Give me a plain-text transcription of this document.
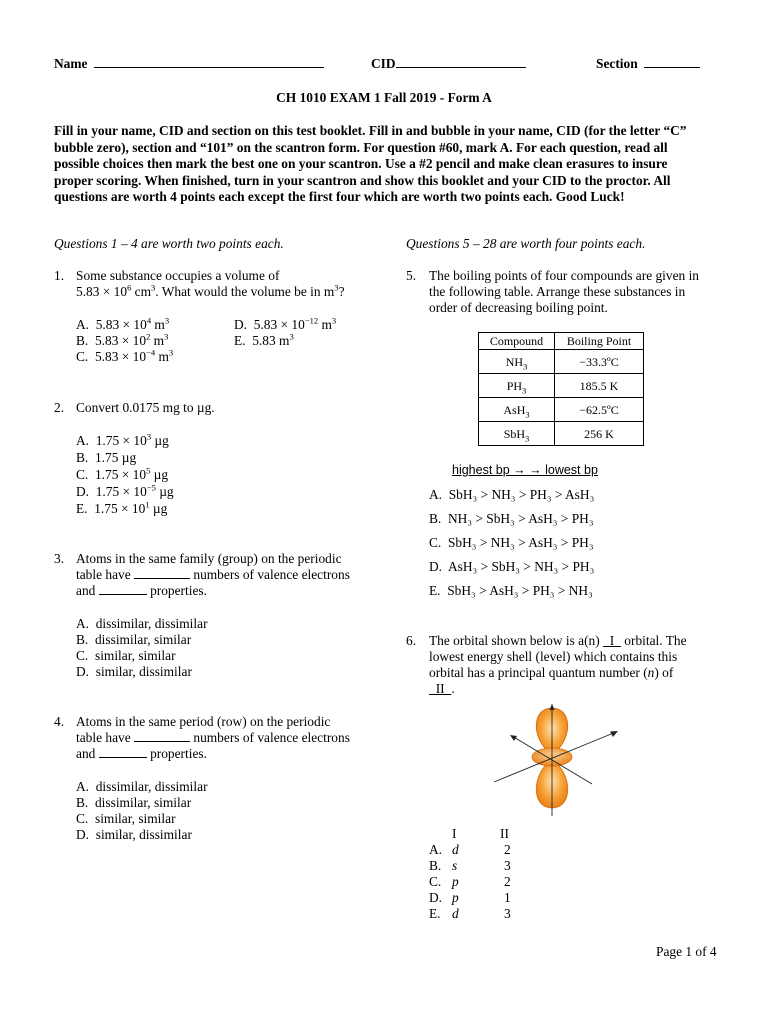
Name	CID	Section
CH 1010 EXAM 1 Fall 2019 - Form A
Fill in your name, CID and section on this test booklet. Fill in and bubble in your name, CID (for the letter “C”
bubble zero), section and “101” on the scantron form. For question #60, mark A. For each question, read all
possible choices then mark the best one on your scantron. Use a #2 pencil and make clean erasures to insure
proper scoring. When finished, turn in your scantron and show this booklet and your CID to the proctor. All
questions are worth 4 points each except the first four which are worth two points each. Good Luck!
Questions 1 – 4 are worth two points each.	Questions 5 – 28 are worth four points each.
1. Some substance occupies a volume of
$5.83 \times 10^6$ $cm^3$. What would the volume be in $m^3$?
A. $5.83 \times 10^4$ $m^3$
B. $5.83 \times 10^2$ $m^3$
C. $5.83 \times 10^{-4}$ $m^3$
D. $5.83 \times 10^{-12}$ $m^3$
E. 5.83 $m^3$
2. Convert 0.0175 mg to µg.
A. $1.75 \times 10^3$ µg
B. 1.75 µg
C. $1.75 \times 10^5$ µg
D. $1.75 \times 10^{-5}$ µg
E. $1.75 \times 10^1$ µg
3. Atoms in the same family (group) on the periodic
table have	numbers of valence electrons
and	properties.
A. dissimilar, dissimilar
B. dissimilar, similar
C. similar, similar
D. similar, dissimilar
4. Atoms in the same period (row) on the periodic
table have	numbers of valence electrons
and	properties.
A. dissimilar, dissimilar
B. dissimilar, similar
C. similar, similar
D. similar, dissimilar
5. The boiling points of four compounds are given in
the following table. Arrange these substances in
order of decreasing boiling point.
Compound	Boiling Point
$NH_3$	−33.3ºC
$PH_3$	185.5 K
AsH$_3$	−62.5ºC
SbH$_3$	256 K
highest bp → → lowest bp
A. SbH₃ > NH₃ > PH₃ > AsH₃
B. NH₃ > SbH₃ > AsH₃ > PH₃
C. SbH₃ > NH₃ > AsH₃ > PH₃
D. AsH₃ > SbH₃ > NH₃ > PH₃
E. SbH₃ > AsH₃ > PH₃ > NH₃
6. The orbital shown below is a(n) I orbital. The
lowest energy shell (level) which contains this
orbital has a principal quantum number (n) of
II .
I	II
A. d	2
B. s	3
C. p	2
D. p	1
E. d	3
Page 1 of 4
